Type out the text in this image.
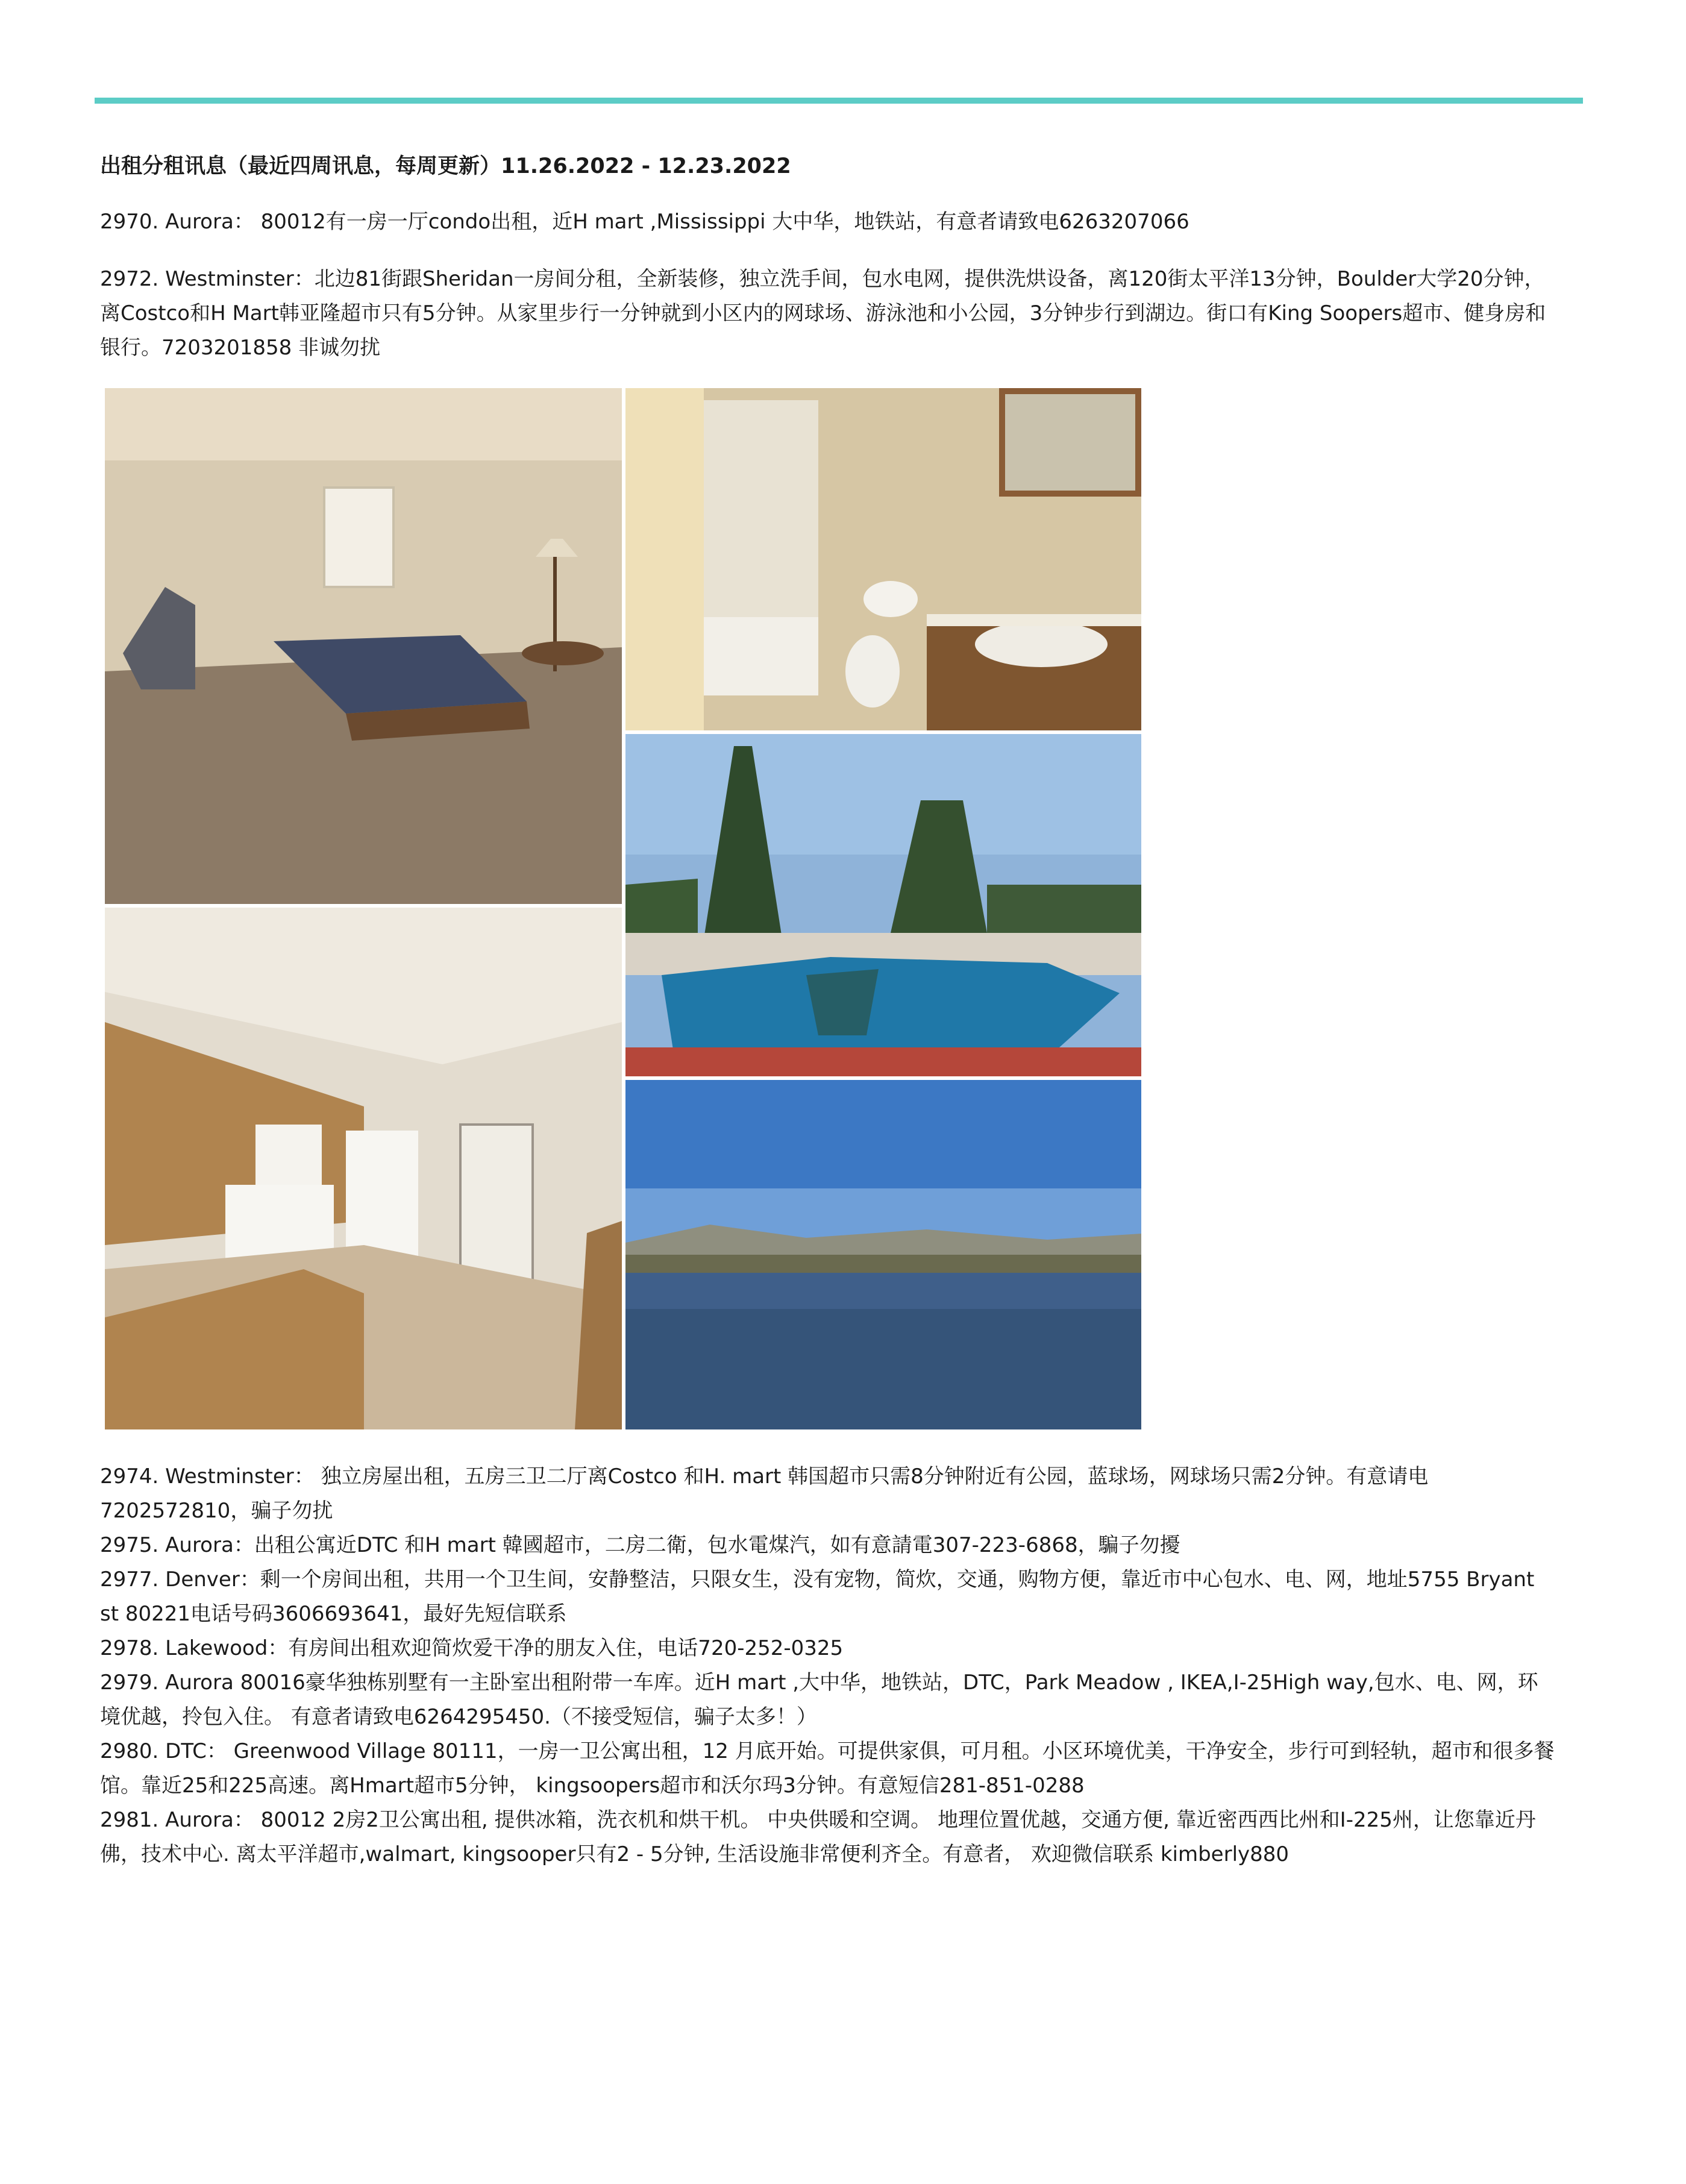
出租分租讯息（最近四周讯息，每周更新）11.26.2022 - 12.23.2022

2970. Aurora： 80012有一房一厅condo出租，近H mart ,Mississippi 大中华，地铁站，有意者请致电6263207066

2972. Westminster：北边81街跟Sheridan一房间分租，全新装修，独立洗手间，包水电网，提供洗烘设备，离120街太平洋13分钟，Boulder大学20分钟，离Costco和H Mart韩亚隆超市只有5分钟。从家里步行一分钟就到小区内的网球场、游泳池和小公园，3分钟步行到湖边。街口有King Soopers超市、健身房和银行。7203201858 非诚勿扰

2974. Westminster： 独立房屋出租，五房三卫二厅离Costco 和H. mart 韩国超市只需8分钟附近有公园，蓝球场，网球场只需2分钟。有意请电7202572810，骗子勿扰
2975. Aurora：出租公寓近DTC 和H mart 韓國超市，二房二衛，包水電煤汽，如有意請電307-223-6868，騙子勿擾
2977. Denver：剩一个房间出租，共用一个卫生间，安静整洁，只限女生，没有宠物，简炊，交通，购物方便，靠近市中心包水、电、网，地址5755 Bryant st 80221电话号码3606693641，最好先短信联系
2978. Lakewood：有房间出租欢迎简炊爱干净的朋友入住，电话720-252-0325
2979. Aurora 80016豪华独栋别墅有一主卧室出租附带一车库。近H mart ,大中华，地铁站，DTC，Park Meadow , IKEA,I-25High way,包水、电、网，环境优越，拎包入住。 有意者请致电6264295450.（不接受短信，骗子太多！）
2980. DTC： Greenwood Village 80111，一房一卫公寓出租，12 月底开始。可提供家俱，可月租。小区环境优美，干净安全，步行可到轻轨，超市和很多餐馆。靠近25和225高速。离Hmart超市5分钟， kingsoopers超市和沃尔玛3分钟。有意短信281-851-0288
2981. Aurora： 80012 2房2卫公寓出租, 提供冰箱，洗衣机和烘干机。 中央供暖和空调。 地理位置优越，交通方便, 靠近密西西比州和I-225州，让您靠近丹佛，技术中心. 离太平洋超市,walmart, kingsooper只有2 - 5分钟, 生活设施非常便利齐全。有意者， 欢迎微信联系 kimberly880
